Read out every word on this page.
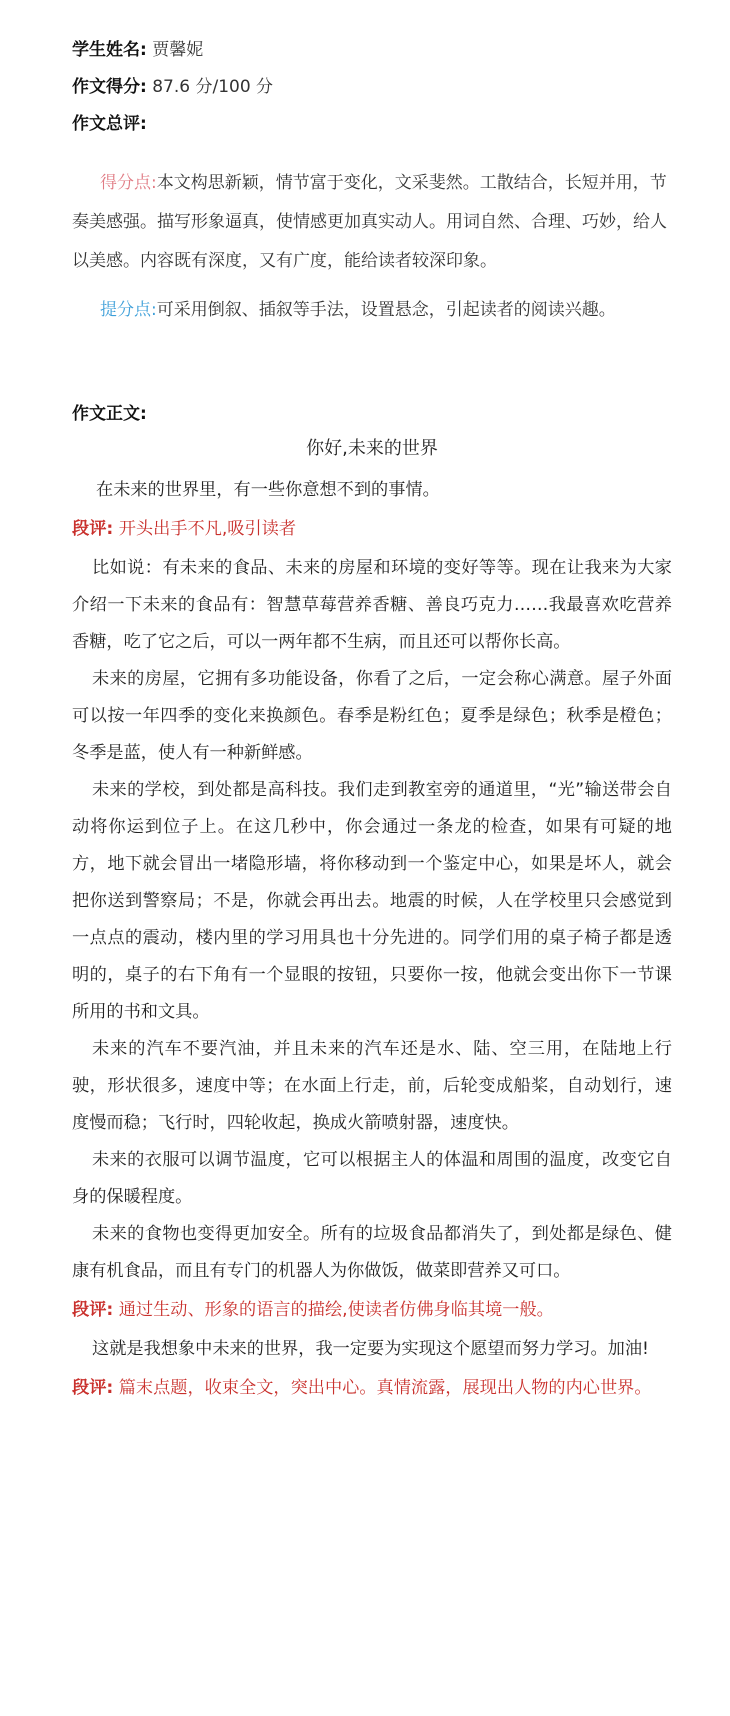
学生姓名: 贾馨妮
作文得分: 87.6 分/100 分
作文总评:
得分点:本文构思新颖，情节富于变化，文采斐然。工散结合，长短并用，节奏美感强。描写形象逼真，使情感更加真实动人。用词自然、合理、巧妙，给人以美感。内容既有深度，又有广度，能给读者较深印象。
提分点:可采用倒叙、插叙等手法，设置悬念，引起读者的阅读兴趣。
作文正文:
你好,未来的世界

在未来的世界里，有一些你意想不到的事情。

段评: 开头出手不凡,吸引读者

比如说：有未来的食品、未来的房屋和环境的变好等等。现在让我来为大家介绍一下未来的食品有：智慧草莓营养香糖、善良巧克力……我最喜欢吃营养香糖，吃了它之后，可以一两年都不生病，而且还可以帮你长高。

未来的房屋，它拥有多功能设备，你看了之后，一定会称心满意。屋子外面可以按一年四季的变化来换颜色。春季是粉红色；夏季是绿色；秋季是橙色；冬季是蓝，使人有一种新鲜感。

未来的学校，到处都是高科技。我们走到教室旁的通道里，“光”输送带会自动将你运到位子上。在这几秒中，你会通过一条龙的检查，如果有可疑的地方，地下就会冒出一堵隐形墙，将你移动到一个鉴定中心，如果是坏人，就会把你送到警察局；不是，你就会再出去。地震的时候，人在学校里只会感觉到一点点的震动，楼内里的学习用具也十分先进的。同学们用的桌子椅子都是透明的，桌子的右下角有一个显眼的按钮，只要你一按，他就会变出你下一节课所用的书和文具。

未来的汽车不要汽油，并且未来的汽车还是水、陆、空三用，在陆地上行驶，形状很多，速度中等；在水面上行走，前，后轮变成船桨，自动划行，速度慢而稳；飞行时，四轮收起，换成火箭喷射器，速度快。

未来的衣服可以调节温度，它可以根据主人的体温和周围的温度，改变它自身的保暖程度。

未来的食物也变得更加安全。所有的垃圾食品都消失了，到处都是绿色、健康有机食品，而且有专门的机器人为你做饭，做菜即营养又可口。

段评: 通过生动、形象的语言的描绘,使读者仿佛身临其境一般。

这就是我想象中未来的世界，我一定要为实现这个愿望而努力学习。加油!

段评: 篇末点题，收束全文，突出中心。真情流露，展现出人物的内心世界。
